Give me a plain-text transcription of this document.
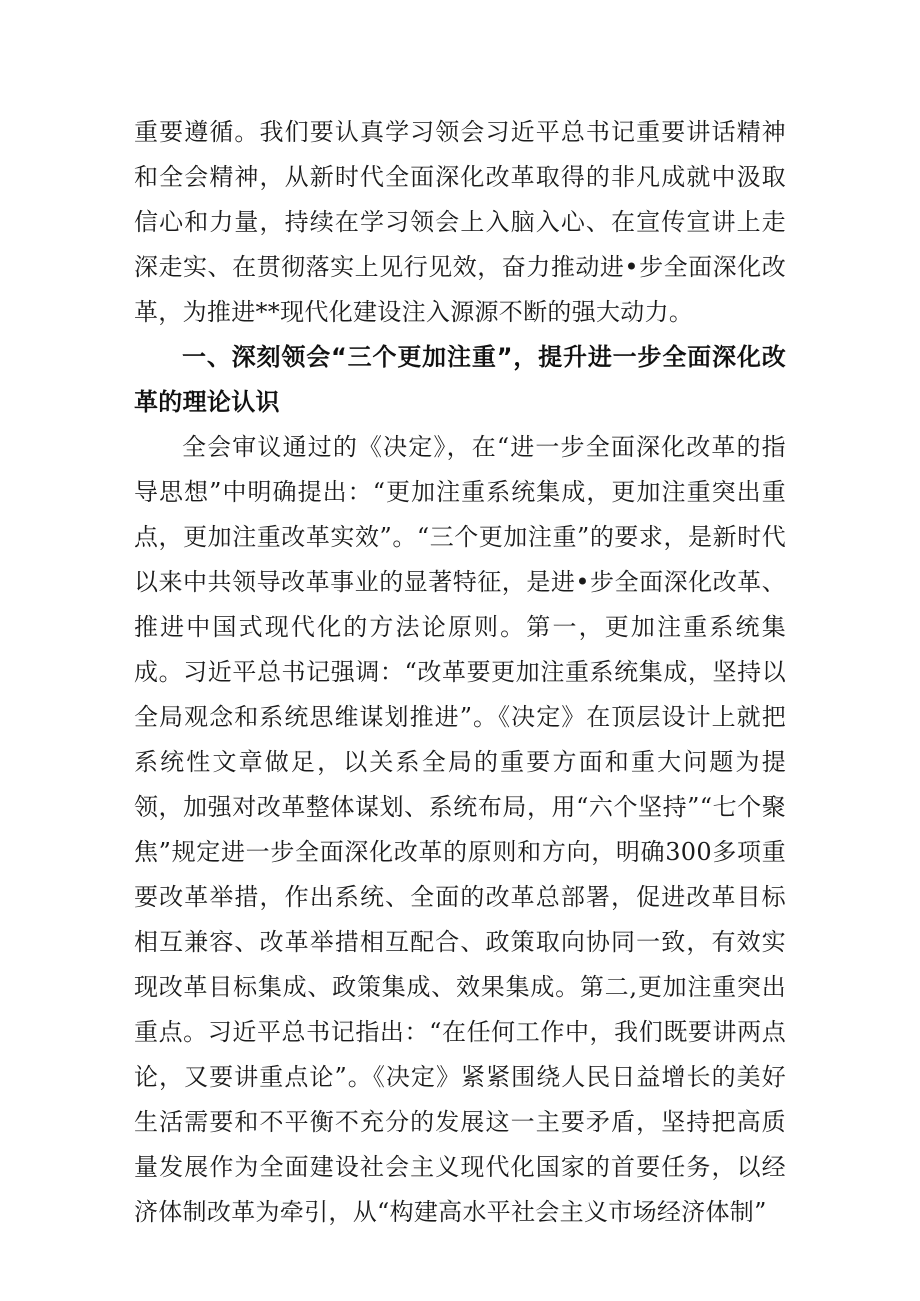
重要遵循。我们要认真学习领会习近平总书记重要讲话精神和全会精神，从新时代全面深化改革取得的非凡成就中汲取信心和力量，持续在学习领会上入脑入心、在宣传宣讲上走深走实、在贯彻落实上见行见效，奋力推动进•步全面深化改革，为推进**现代化建设注入源源不断的强大动力。

一、深刻领会“三个更加注重”，提升进一步全面深化改革的理论认识

全会审议通过的《决定》，在“进一步全面深化改革的指导思想”中明确提出：“更加注重系统集成，更加注重突出重点，更加注重改革实效”。“三个更加注重”的要求，是新时代以来中共领导改革事业的显著特征，是进•步全面深化改革、推进中国式现代化的方法论原则。第一，更加注重系统集成。习近平总书记强调：“改革要更加注重系统集成，坚持以全局观念和系统思维谋划推进”。《决定》在顶层设计上就把系统性文章做足，以关系全局的重要方面和重大问题为提领，加强对改革整体谋划、系统布局，用“六个坚持”“七个聚焦”规定进一步全面深化改革的原则和方向，明确300多项重要改革举措，作出系统、全面的改革总部署，促进改革目标相互兼容、改革举措相互配合、政策取向协同一致，有效实现改革目标集成、政策集成、效果集成。第二,更加注重突出重点。习近平总书记指出：“在任何工作中，我们既要讲两点论，又要讲重点论”。《决定》紧紧围绕人民日益增长的美好生活需要和不平衡不充分的发展这一主要矛盾，坚持把高质量发展作为全面建设社会主义现代化国家的首要任务，以经济体制改革为牵引，从“构建高水平社会主义市场经济体制”
